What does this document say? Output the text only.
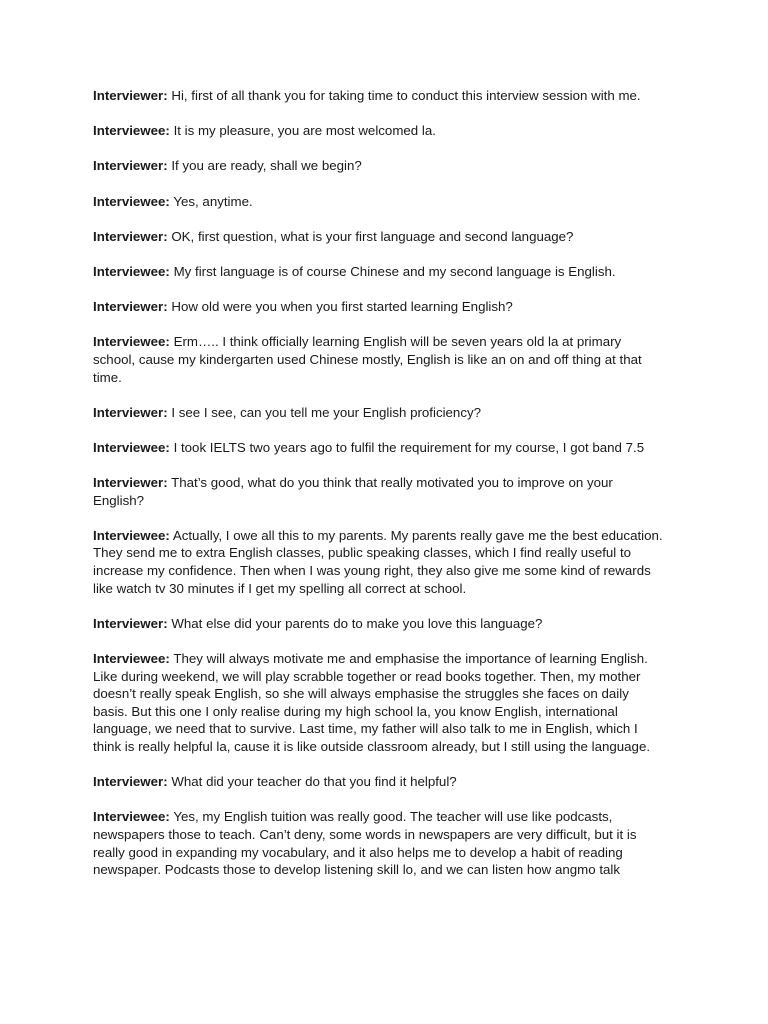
Interviewer: Hi, first of all thank you for taking time to conduct this interview session with me.

Interviewee: It is my pleasure, you are most welcomed la.

Interviewer: If you are ready, shall we begin?

Interviewee: Yes, anytime.

Interviewer: OK, first question, what is your first language and second language?

Interviewee: My first language is of course Chinese and my second language is English.

Interviewer: How old were you when you first started learning English?

Interviewee: Erm….. I think officially learning English will be seven years old la at primary school, cause my kindergarten used Chinese mostly, English is like an on and off thing at that time.

Interviewer: I see I see, can you tell me your English proficiency?

Interviewee: I took IELTS two years ago to fulfil the requirement for my course, I got band 7.5

Interviewer: That’s good, what do you think that really motivated you to improve on your English?

Interviewee: Actually, I owe all this to my parents. My parents really gave me the best education. They send me to extra English classes, public speaking classes, which I find really useful to increase my confidence. Then when I was young right, they also give me some kind of rewards like watch tv 30 minutes if I get my spelling all correct at school.

Interviewer: What else did your parents do to make you love this language?

Interviewee: They will always motivate me and emphasise the importance of learning English. Like during weekend, we will play scrabble together or read books together. Then, my mother doesn’t really speak English, so she will always emphasise the struggles she faces on daily basis. But this one I only realise during my high school la, you know English, international language, we need that to survive. Last time, my father will also talk to me in English, which I think is really helpful la, cause it is like outside classroom already, but I still using the language.

Interviewer: What did your teacher do that you find it helpful?

Interviewee: Yes, my English tuition was really good. The teacher will use like podcasts, newspapers those to teach. Can’t deny, some words in newspapers are very difficult, but it is really good in expanding my vocabulary, and it also helps me to develop a habit of reading newspaper. Podcasts those to develop listening skill lo, and we can listen how angmo talk
